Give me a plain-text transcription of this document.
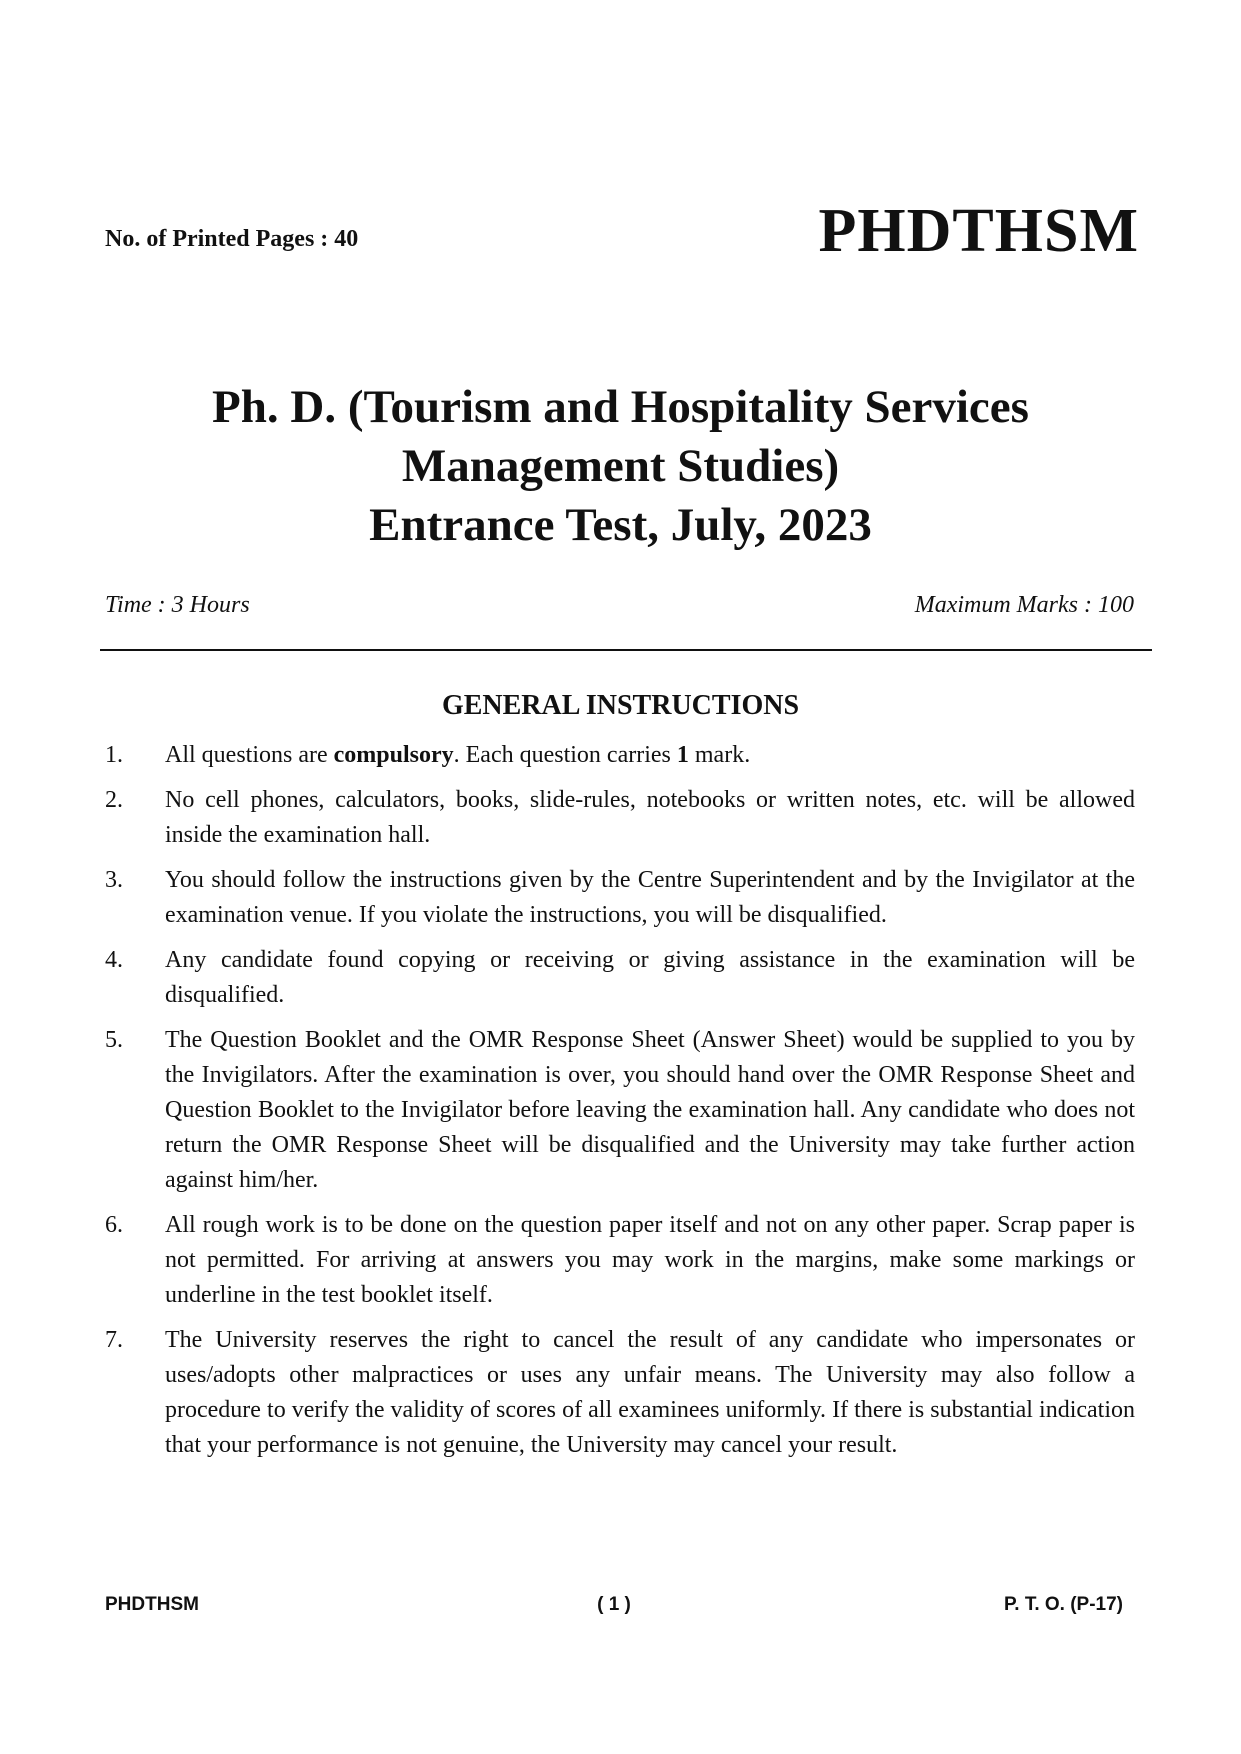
No. of Printed Pages : 40	PHDTHSM
Ph. D. (Tourism and Hospitality Services
Management Studies)
Entrance Test, July, 2023
Time : 3 Hours	Maximum Marks : 100
GENERAL INSTRUCTIONS
1. All questions are compulsory. Each question carries 1 mark.
2. No cell phones, calculators, books, slide-rules, notebooks or written notes, etc. will be allowed inside the examination hall.
3. You should follow the instructions given by the Centre Superintendent and by the Invigilator at the examination venue. If you violate the instructions, you will be disqualified.
4. Any candidate found copying or receiving or giving assistance in the examination will be disqualified.
5. The Question Booklet and the OMR Response Sheet (Answer Sheet) would be supplied to you by the Invigilators. After the examination is over, you should hand over the OMR Response Sheet and Question Booklet to the Invigilator before leaving the examination hall. Any candidate who does not return the OMR Response Sheet will be disqualified and the University may take further action against him/her.
6. All rough work is to be done on the question paper itself and not on any other paper. Scrap paper is not permitted. For arriving at answers you may work in the margins, make some markings or underline in the test booklet itself.
7. The University reserves the right to cancel the result of any candidate who impersonates or uses/adopts other malpractices or uses any unfair means. The University may also follow a procedure to verify the validity of scores of all examinees uniformly. If there is substantial indication that your performance is not genuine, the University may cancel your result.
PHDTHSM	( 1 )	P. T. O. (P-17)
